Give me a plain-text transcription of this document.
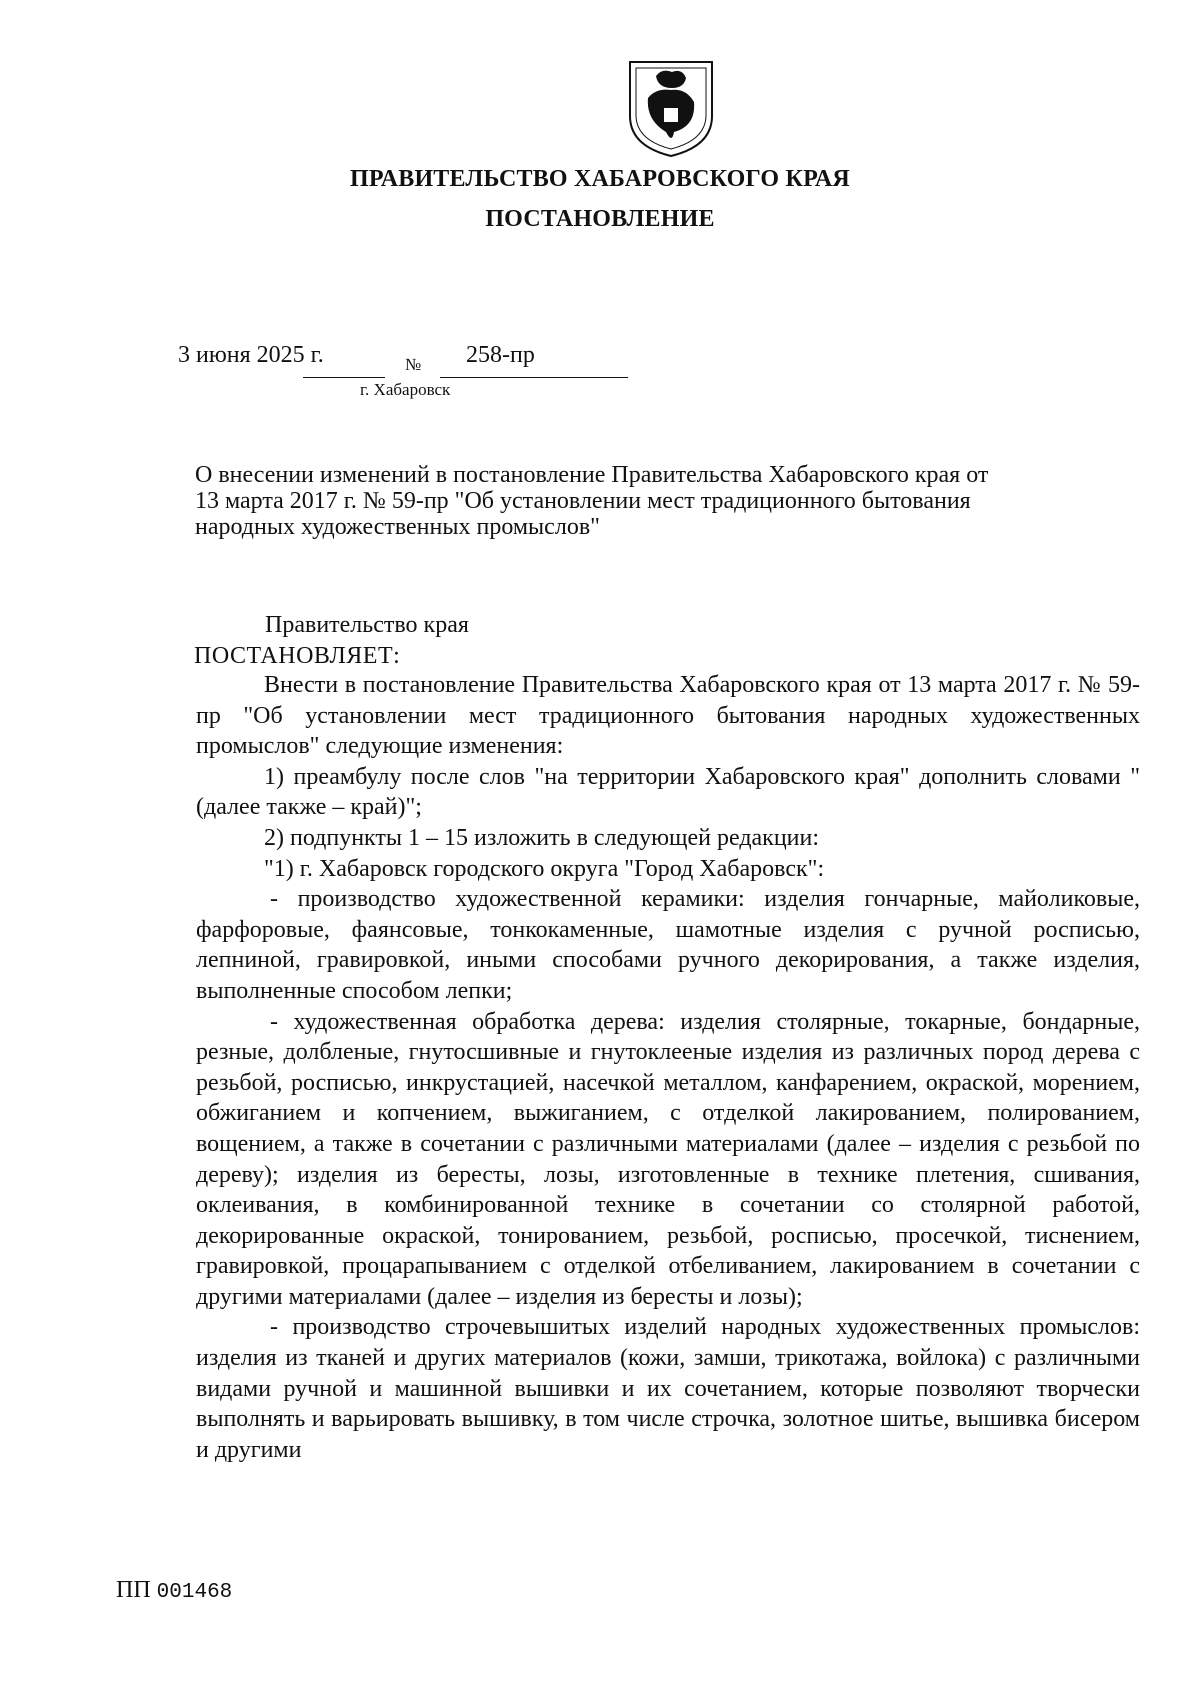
ПРАВИТЕЛЬСТВО ХАБАРОВСКОГО КРАЯ
ПОСТАНОВЛЕНИЕ
3 июня 2025 г.	№ 258-пр
г. Хабаровск
О внесении изменений в постановление Правительства Хабаровского края от
13 марта 2017 г. № 59-пр "Об установлении мест традиционного бытования
народных художественных промыслов"
Правительство края
ПОСТАНОВЛЯЕТ:

Внести в постановление Правительства Хабаровского края от 13 марта 2017 г. № 59-пр "Об установлении мест традиционного бытования народных художественных промыслов" следующие изменения:

1) преамбулу после слов "на территории Хабаровского края" дополнить словами "(далее также – край)";

2) подпункты 1 – 15 изложить в следующей редакции:

"1) г. Хабаровск городского округа "Город Хабаровск":

- производство художественной керамики: изделия гончарные, майоликовые, фарфоровые, фаянсовые, тонкокаменные, шамотные изделия с ручной росписью, лепниной, гравировкой, иными способами ручного декорирования, а также изделия, выполненные способом лепки;

- художественная обработка дерева: изделия столярные, токарные, бондарные, резные, долбленые, гнутосшивные и гнутоклееные изделия из различных пород дерева с резьбой, росписью, инкрустацией, насечкой металлом, канфарением, окраской, морением, обжиганием и копчением, выжиганием, с отделкой лакированием, полированием, вощением, а также в сочетании с различными материалами (далее – изделия с резьбой по дереву); изделия из бересты, лозы, изготовленные в технике плетения, сшивания, оклеивания, в комбинированной технике в сочетании со столярной работой, декорированные окраской, тонированием, резьбой, росписью, просечкой, тиснением, гравировкой, процарапыванием с отделкой отбеливанием, лакированием в сочетании с другими материалами (далее – изделия из бересты и лозы);

- производство строчевышитых изделий народных художественных промыслов: изделия из тканей и других материалов (кожи, замши, трикотажа, войлока) с различными видами ручной и машинной вышивки и их сочетанием, которые позволяют творчески выполнять и варьировать вышивку, в том числе строчка, золотное шитье, вышивка бисером и другими

ПП 001468
